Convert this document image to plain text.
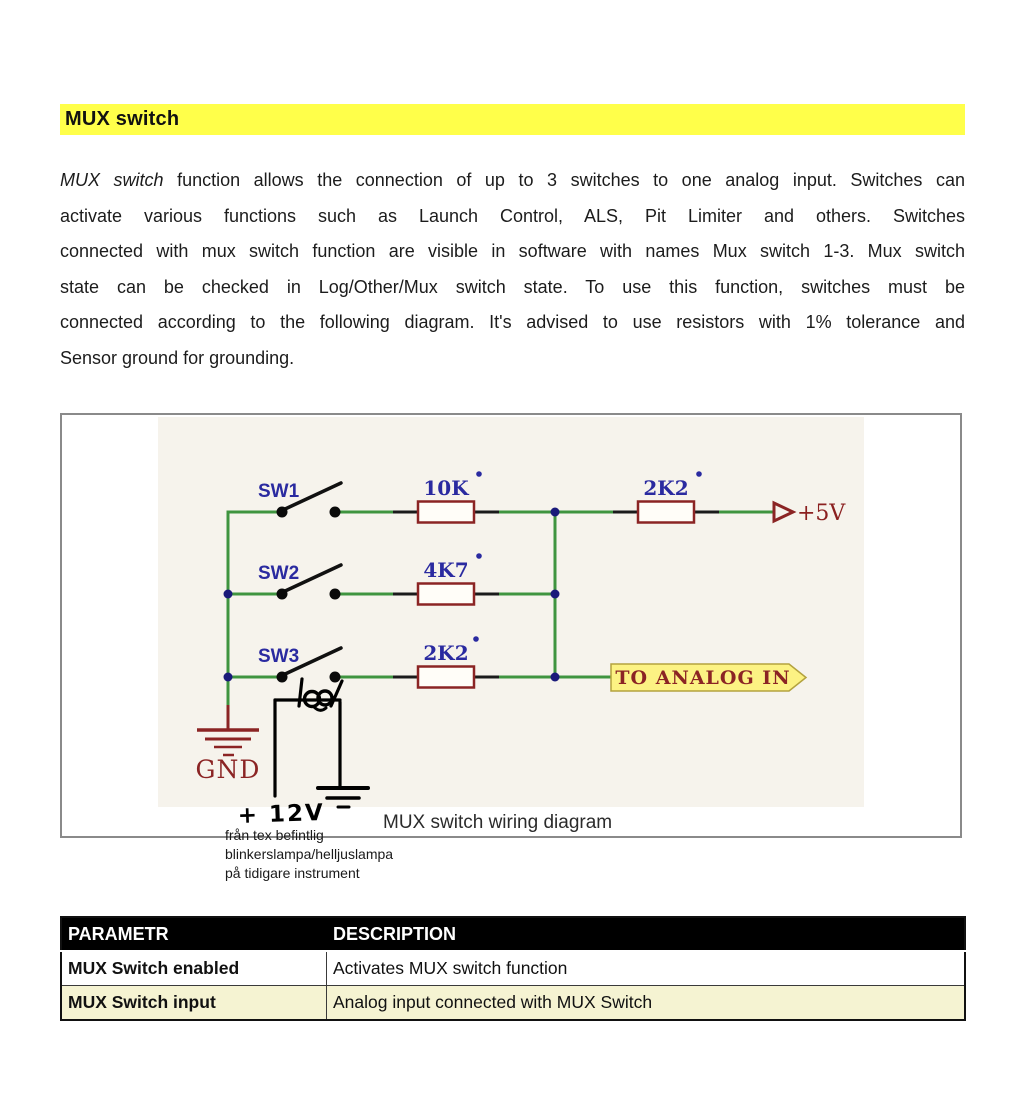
MUX switch
MUX switch function allows the connection of up to 3 switches to one analog input. Switches can
activate various functions such as Launch Control, ALS, Pit Limiter and others. Switches
connected with mux switch function are visible in software with names Mux switch 1-3. Mux switch
state can be checked in Log/Other/Mux switch state. To use this function, switches must be
connected according to the following diagram. It's advised to use resistors with 1% tolerance and
Sensor ground for grounding.
+5V
TO ANALOG IN
GND
SW1
SW2
SW3
10K
4K7
2K2
2K2
+ 12V	MUX switch wiring diagram
från tex befintlig
blinkerslampa/helljuslampa
på tidigare instrument
PARAMETR	DESCRIPTION
MUX Switch enabled	Activates MUX switch function
MUX Switch input	Analog input connected with MUX Switch
